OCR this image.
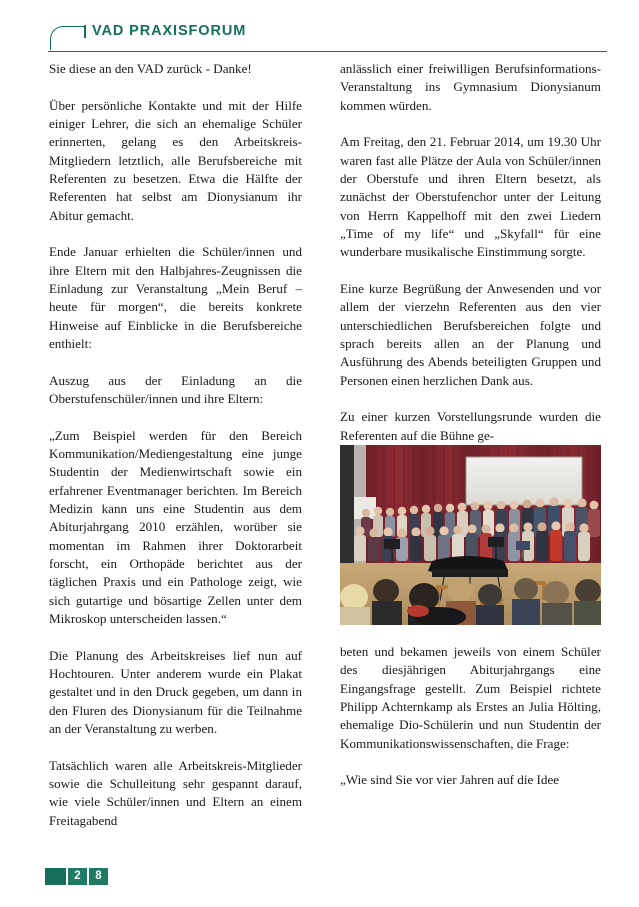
VAD PRAXISFORUM

Sie diese an den VAD zurück - Danke!

Über persönliche Kontakte und mit der Hilfe einiger Lehrer, die sich an ehemalige Schüler erinnerten, gelang es den Arbeitskreis-Mitgliedern letztlich, alle Berufsbereiche mit Referenten zu besetzen. Etwa die Hälfte der Referenten hat selbst am Dionysianum ihr Abitur gemacht.

Ende Januar erhielten die Schüler/innen und ihre Eltern mit den Halbjahres-Zeugnissen die Einladung zur Veranstaltung „Mein Beruf – heute für morgen“, die bereits konkrete Hinweise auf Einblicke in die Berufsbereiche enthielt:

Auszug aus der Einladung an die Oberstufenschüler/innen und ihre Eltern:

„Zum Beispiel werden für den Bereich Kommunikation/Mediengestaltung eine junge Studentin der Medienwirtschaft sowie ein erfahrener Eventmanager berichten. Im Bereich Medizin kann uns eine Studentin aus dem Abiturjahrgang 2010 erzählen, worüber sie momentan im Rahmen ihrer Doktorarbeit forscht, ein Orthopäde berichtet aus der täglichen Praxis und ein Pathologe zeigt, wie sich gutartige und bösartige Zellen unter dem Mikroskop unterscheiden lassen.“

Die Planung des Arbeitskreises lief nun auf Hochtouren. Unter anderem wurde ein Plakat gestaltet und in den Druck gegeben, um dann in den Fluren des Dionysianum für die Teilnahme an der Veranstaltung zu werben.

Tatsächlich waren alle Arbeitskreis-Mitglieder sowie die Schulleitung sehr gespannt darauf, wie viele Schüler/innen und Eltern an einem Freitagabend

anlässlich einer freiwilligen Berufsinformations-Veranstaltung ins Gymnasium Dionysianum kommen würden.

Am Freitag, den 21. Februar 2014, um 19.30 Uhr waren fast alle Plätze der Aula von Schüler/innen der Oberstufe und ihren Eltern besetzt, als zunächst der Oberstufenchor unter der Leitung von Herrn Kappelhoff mit den zwei Liedern „Time of my life“ und „Skyfall“ für eine wunderbare musikalische Einstimmung sorgte.

Eine kurze Begrüßung der Anwesenden und vor allem der vierzehn Referenten aus den vier unterschiedlichen Berufsbereichen folgte und sprach bereits allen an der Planung und Ausführung des Abends beteiligten Gruppen und Personen einen herzlichen Dank aus.

Zu einer kurzen Vorstellungsrunde wurden die Referenten auf die Bühne ge-

beten und bekamen jeweils von einem Schüler des diesjährigen Abiturjahrgangs eine Eingangsfrage gestellt. Zum Beispiel richtete Philipp Achternkamp als Erstes an Julia Hölting, ehemalige Dio-Schülerin und nun Studentin der Kommunikationswissenschaften, die Frage:

„Wie sind Sie vor vier Jahren auf die Idee

2	8
